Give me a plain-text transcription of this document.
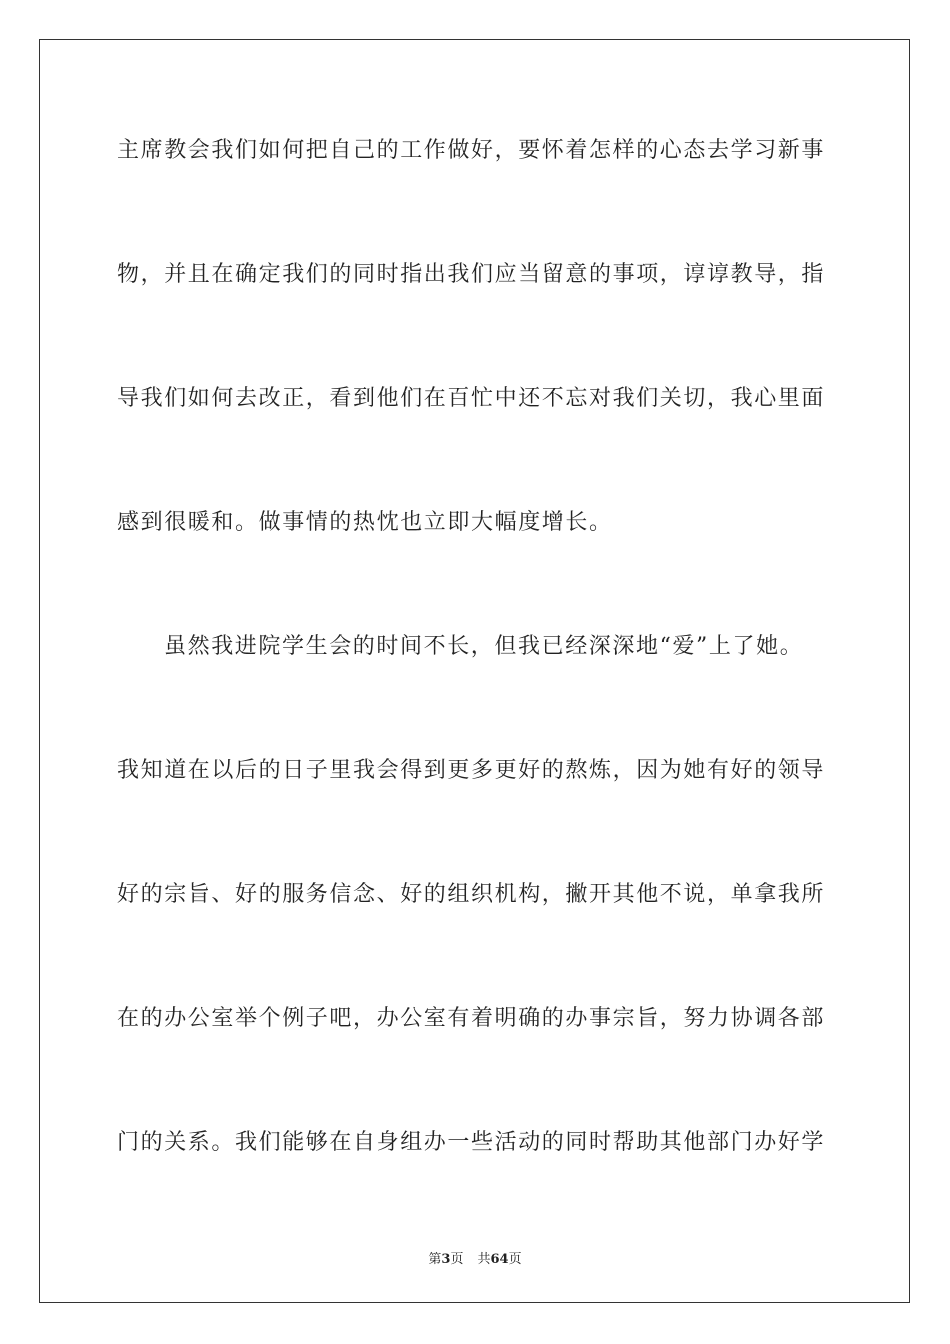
主席教会我们如何把自己的工作做好，要怀着怎样的心态去学习新事
物，并且在确定我们的同时指出我们应当留意的事项，谆谆教导，指
导我们如何去改正，看到他们在百忙中还不忘对我们关切，我心里面
感到很暖和。做事情的热忱也立即大幅度增长。
虽然我进院学生会的时间不长，但我已经深深地“爱”上了她。
我知道在以后的日子里我会得到更多更好的熬炼，因为她有好的领导
好的宗旨、好的服务信念、好的组织机构，撇开其他不说，单拿我所
在的办公室举个例子吧，办公室有着明确的办事宗旨，努力协调各部
门的关系。我们能够在自身组办一些活动的同时帮助其他部门办好学
第3页 共64页
